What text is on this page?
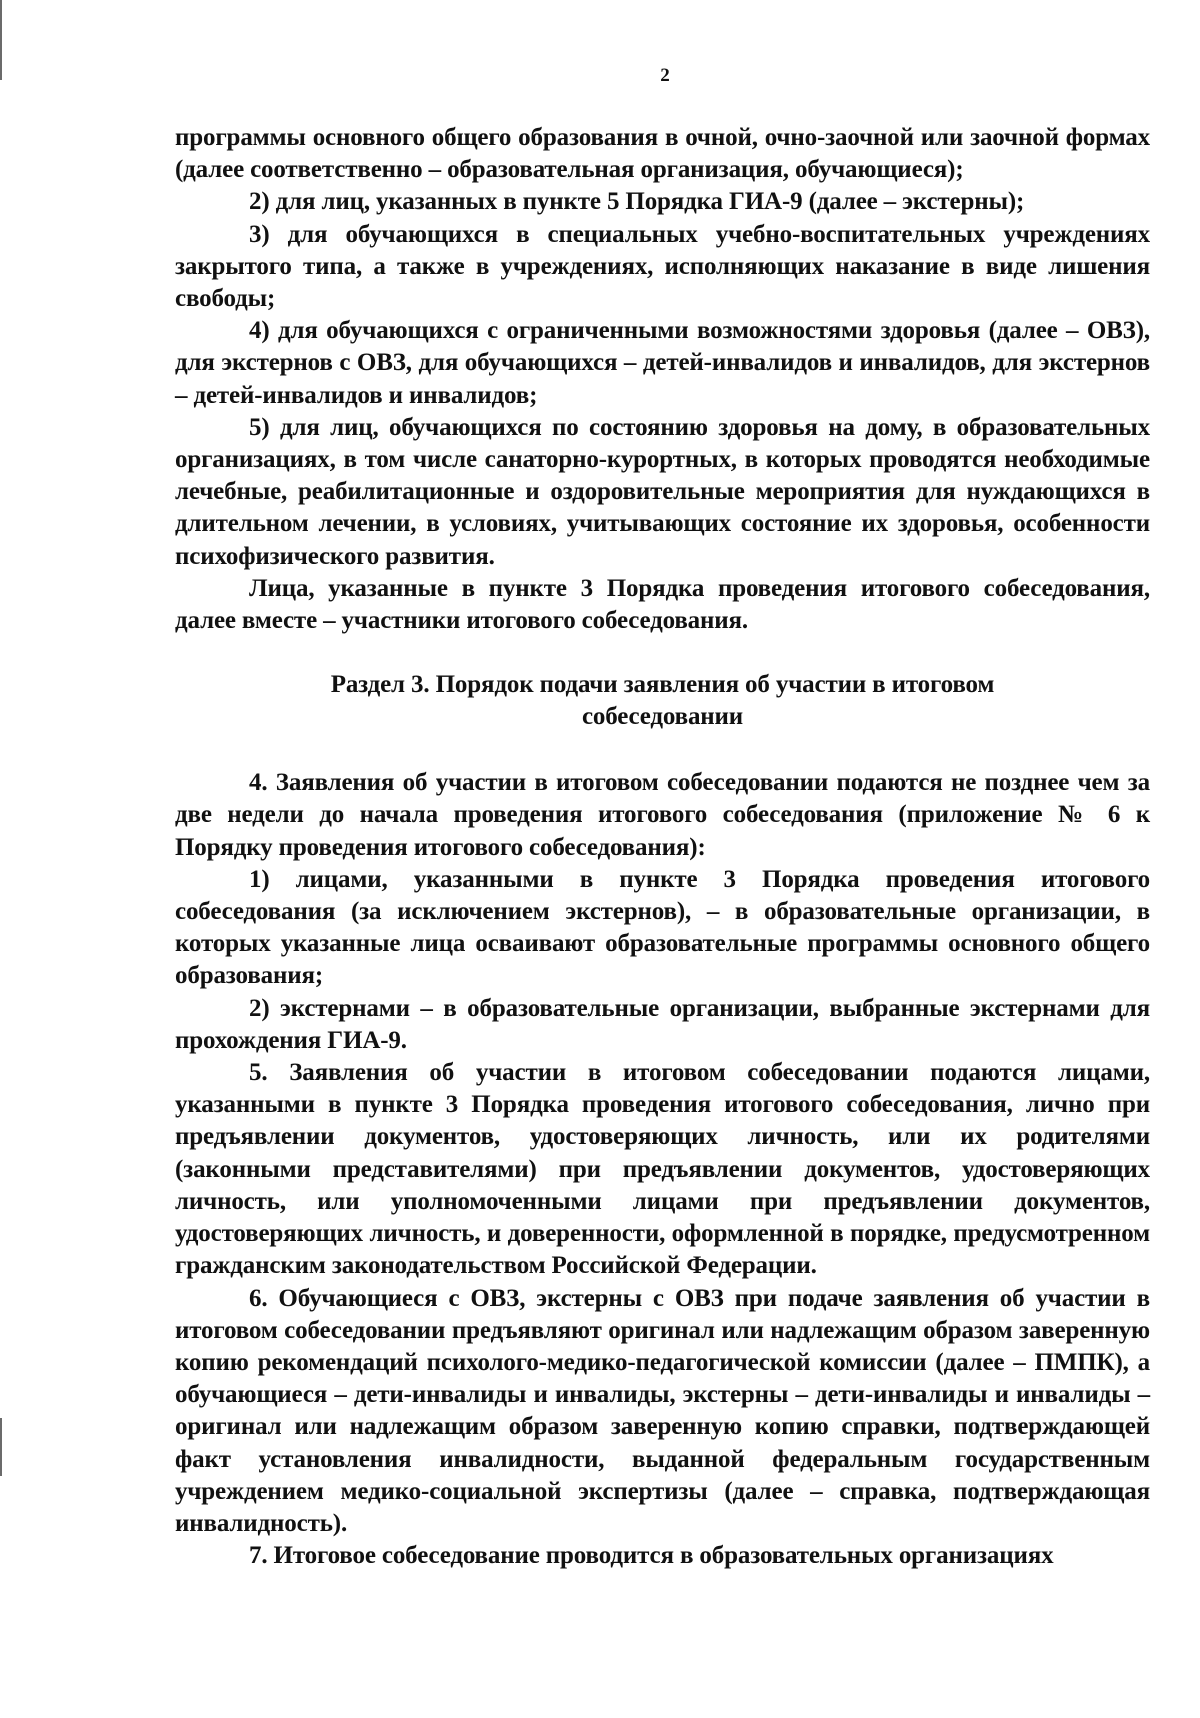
2

программы основного общего образования в очной, очно-заочной или заочной формах (далее соответственно – образовательная организация, обучающиеся);

2) для лиц, указанных в пункте 5 Порядка ГИА-9 (далее – экстерны);

3) для обучающихся в специальных учебно-воспитательных учреждениях закрытого типа, а также в учреждениях, исполняющих наказание в виде лишения свободы;

4) для обучающихся с ограниченными возможностями здоровья (далее – ОВЗ), для экстернов с ОВЗ, для обучающихся – детей-инвалидов и инвалидов, для экстернов – детей-инвалидов и инвалидов;

5) для лиц, обучающихся по состоянию здоровья на дому, в образовательных организациях, в том числе санаторно-курортных, в которых проводятся необходимые лечебные, реабилитационные и оздоровительные мероприятия для нуждающихся в длительном лечении, в условиях, учитывающих состояние их здоровья, особенности психофизического развития.

Лица, указанные в пункте 3 Порядка проведения итогового собеседования, далее вместе – участники итогового собеседования.

Раздел 3. Порядок подачи заявления об участии в итоговом
собеседовании

4. Заявления об участии в итоговом собеседовании подаются не позднее чем за две недели до начала проведения итогового собеседования (приложение № 6 к Порядку проведения итогового собеседования):

1) лицами, указанными в пункте 3 Порядка проведения итогового собеседования (за исключением экстернов), – в образовательные организации, в которых указанные лица осваивают образовательные программы основного общего образования;

2) экстернами – в образовательные организации, выбранные экстернами для прохождения ГИА-9.

5. Заявления об участии в итоговом собеседовании подаются лицами, указанными в пункте 3 Порядка проведения итогового собеседования, лично при предъявлении документов, удостоверяющих личность, или их родителями (законными представителями) при предъявлении документов, удостоверяющих личность, или уполномоченными лицами при предъявлении документов, удостоверяющих личность, и доверенности, оформленной в порядке, предусмотренном гражданским законодательством Российской Федерации.

6. Обучающиеся с ОВЗ, экстерны с ОВЗ при подаче заявления об участии в итоговом собеседовании предъявляют оригинал или надлежащим образом заверенную копию рекомендаций психолого-медико-педагогической комиссии (далее – ПМПК), а обучающиеся – дети-инвалиды и инвалиды, экстерны – дети-инвалиды и инвалиды – оригинал или надлежащим образом заверенную копию справки, подтверждающей факт установления инвалидности, выданной федеральным государственным учреждением медико-социальной экспертизы (далее – справка, подтверждающая инвалидность).

7. Итоговое собеседование проводится в образовательных организациях
